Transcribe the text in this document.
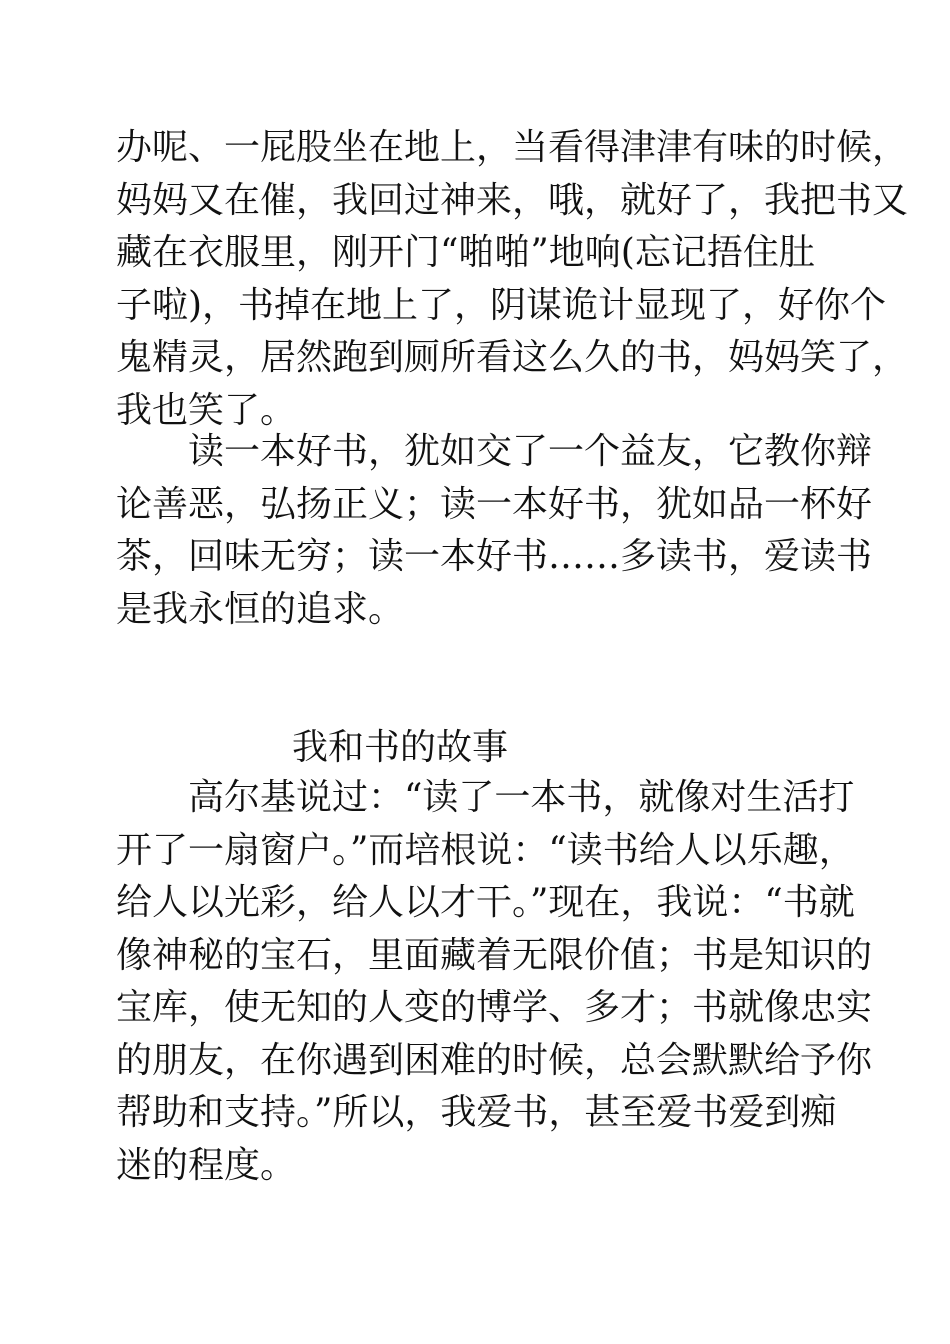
办呢、一屁股坐在地上，当看得津津有味的时候，
妈妈又在催，我回过神来，哦，就好了，我把书又
藏在衣服里，刚开门“啪啪”地响(忘记捂住肚
子啦)，书掉在地上了，阴谋诡计显现了，好你个
鬼精灵，居然跑到厕所看这么久的书，妈妈笑了，
我也笑了。
读一本好书，犹如交了一个益友，它教你辩
论善恶，弘扬正义；读一本好书，犹如品一杯好
茶，回味无穷；读一本好书……多读书，爱读书
是我永恒的追求。
我和书的故事
高尔基说过：“读了一本书，就像对生活打
开了一扇窗户。”而培根说：“读书给人以乐趣，
给人以光彩，给人以才干。”现在，我说：“书就
像神秘的宝石，里面藏着无限价值；书是知识的
宝库，使无知的人变的博学、多才；书就像忠实
的朋友，在你遇到困难的时候，总会默默给予你
帮助和支持。”所以，我爱书，甚至爱书爱到痴
迷的程度。
